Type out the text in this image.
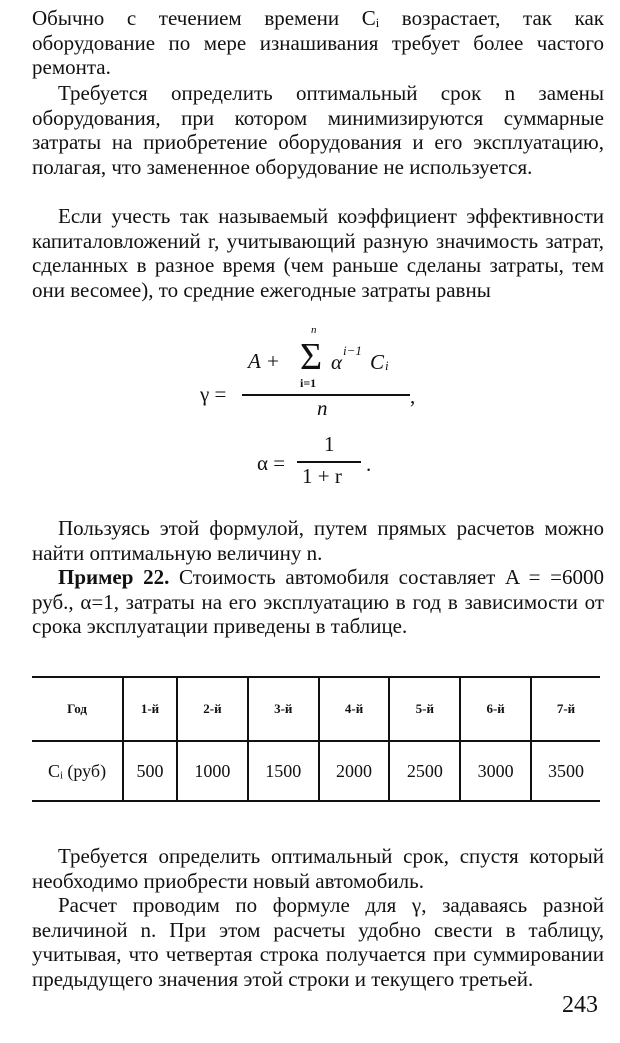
Обычно с течением времени Cᵢ возрастает, так как оборудование по мере изнашивания требует более частого ремонта.

Требуется определить оптимальный срок n замены оборудования, при котором минимизируются суммарные затраты на приобретение оборудования и его эксплуатацию, полагая, что замененное оборудование не используется.

Если учесть так называемый коэффициент эффективности капиталовложений r, учитывающий разную значимость затрат, сделанных в разное время (чем раньше сделаны затраты, тем они весомее), то средние ежегодные затраты равны

γ =
A + Σ
n
i=1
α i−1 C i
n	,
α =
1
1 + r .

Пользуясь этой формулой, путем прямых расчетов можно найти оптимальную величину n.

Пример 22. Стоимость автомобиля составляет A = =6000 руб., α=1, затраты на его эксплуатацию в год в зависимости от срока эксплуатации приведены в таблице.

Год	1-й	2-й	3-й	4-й	5-й	6-й	7-й
Cᵢ (руб)	500	1000	1500	2000	2500	3000	3500

Требуется определить оптимальный срок, спустя который необходимо приобрести новый автомобиль.

Расчет проводим по формуле для γ, задаваясь разной величиной n. При этом расчеты удобно свести в таблицу, учитывая, что четвертая строка получается при суммировании предыдущего значения этой строки и текущего третьей.

243
